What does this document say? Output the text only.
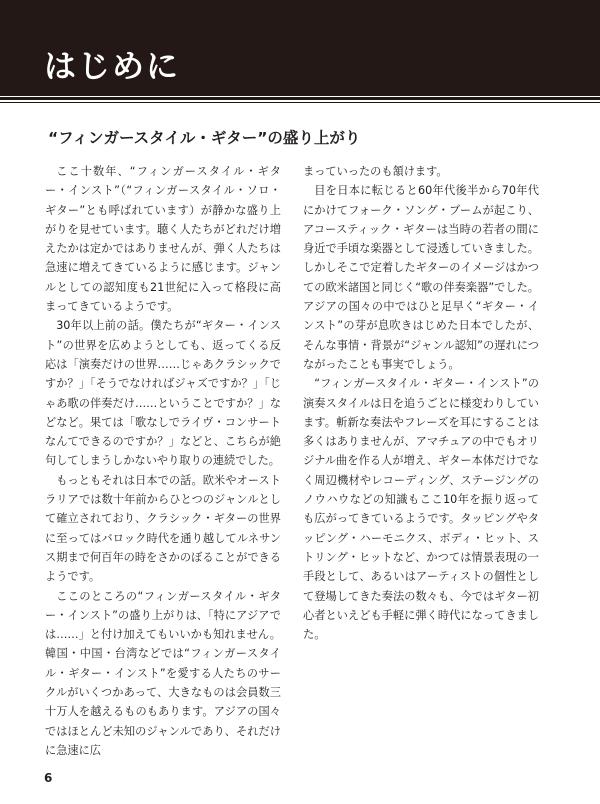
はじめに
“フィンガースタイル・ギター”の盛り上がり

ここ十数年、“フィンガースタイル・ギター・インスト”（“フィンガースタイル・ソロ・ギター”とも呼ばれています）が静かな盛り上がりを見せています。聴く人たちがどれだけ増えたかは定かではありませんが、弾く人たちは急速に増えてきているように感じます。ジャンルとしての認知度も21世紀に入って格段に高まってきているようです。

30年以上前の話。僕たちが“ギター・インスト”の世界を広めようとしても、返ってくる反応は「演奏だけの世界……じゃあクラシックですか？」「そうでなければジャズですか？」「じゃあ歌の伴奏だけ……ということですか？」などなど。果ては「歌なしでライヴ・コンサートなんてできるのですか？」などと、こちらが絶句してしまうしかないやり取りの連続でした。

もっともそれは日本での話。欧米やオーストラリアでは数十年前からひとつのジャンルとして確立されており、クラシック・ギターの世界に至ってはバロック時代を通り越してルネサンス期まで何百年の時をさかのぼることができるようです。

ここのところの“フィンガースタイル・ギター・インスト”の盛り上がりは、「特にアジアでは……」と付け加えてもいいかも知れません。韓国・中国・台湾などでは“フィンガースタイル・ギター・インスト”を愛する人たちのサークルがいくつかあって、大きなものは会員数三十万人を越えるものもあります。アジアの国々ではほとんど未知のジャンルであり、それだけに急速に広

まっていったのも頷けます。

目を日本に転じると60年代後半から70年代にかけてフォーク・ソング・ブームが起こり、アコースティック・ギターは当時の若者の間に身近で手頃な楽器として浸透していきました。しかしそこで定着したギターのイメージはかつての欧米諸国と同じく“歌の伴奏楽器”でした。アジアの国々の中ではひと足早く“ギター・インスト”の芽が息吹きはじめた日本でしたが、そんな事情・背景が“ジャンル認知”の遅れにつながったことも事実でしょう。

“フィンガースタイル・ギター・インスト”の演奏スタイルは日を追うごとに様変わりしています。斬新な奏法やフレーズを耳にすることは多くはありませんが、アマチュアの中でもオリジナル曲を作る人が増え、ギター本体だけでなく周辺機材やレコーディング、ステージングのノウハウなどの知識もここ10年を振り返っても広がってきているようです。タッピングやタッピング・ハーモニクス、ボディ・ヒット、ストリング・ヒットなど、かつては情景表現の一手段として、あるいはアーティストの個性として登場してきた奏法の数々も、今ではギター初心者といえども手軽に弾く時代になってきました。

6
